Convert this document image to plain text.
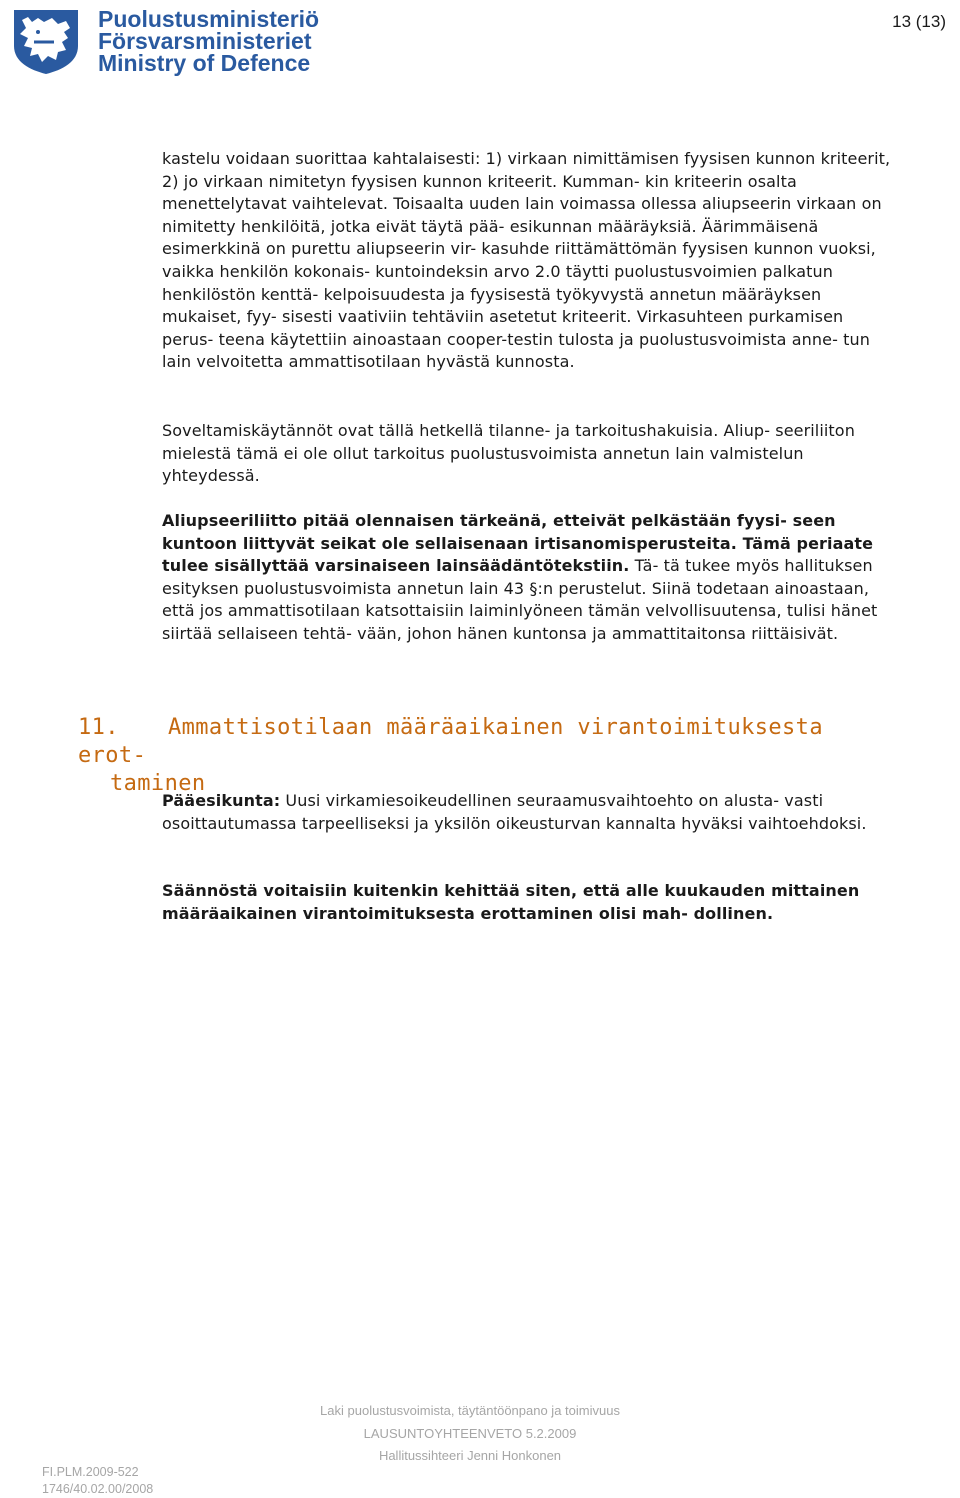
Puolustusministeriö
Försvarsministeriet
Ministry of Defence
13 (13)

kastelu voidaan suorittaa kahtalaisesti: 1) virkaan nimittämisen fyysisen kunnon kriteerit, 2) jo virkaan nimitetyn fyysisen kunnon kriteerit. Kumman- kin kriteerin osalta menettelytavat vaihtelevat. Toisaalta uuden lain voimassa ollessa aliupseerin virkaan on nimitetty henkilöitä, jotka eivät täytä pää- esikunnan määräyksiä. Äärimmäisenä esimerkkinä on purettu aliupseerin vir- kasuhde riittämättömän fyysisen kunnon vuoksi, vaikka henkilön kokonais- kuntoindeksin arvo 2.0 täytti puolustusvoimien palkatun henkilöstön kenttä- kelpoisuudesta ja fyysisestä työkyvystä annetun määräyksen mukaiset, fyy- sisesti vaativiin tehtäviin asetetut kriteerit. Virkasuhteen purkamisen perus- teena käytettiin ainoastaan cooper-testin tulosta ja puolustusvoimista anne- tun lain velvoitetta ammattisotilaan hyvästä kunnosta.

Soveltamiskäytännöt ovat tällä hetkellä tilanne- ja tarkoitushakuisia. Aliup- seeriliiton mielestä tämä ei ole ollut tarkoitus puolustusvoimista annetun lain valmistelun yhteydessä.

Aliupseeriliitto pitää olennaisen tärkeänä, etteivät pelkästään fyysi- seen kuntoon liittyvät seikat ole sellaisenaan irtisanomisperusteita. Tämä periaate tulee sisällyttää varsinaiseen lainsäädäntötekstiin. Tä- tä tukee myös hallituksen esityksen puolustusvoimista annetun lain 43 §:n perustelut. Siinä todetaan ainoastaan, että jos ammattisotilaan katsottaisiin laiminlyöneen tämän velvollisuutensa, tulisi hänet siirtää sellaiseen tehtä- vään, johon hänen kuntonsa ja ammattitaitonsa riittäisivät.

11. Ammattisotilaan määräaikainen virantoimituksesta erot-
taminen

Pääesikunta: Uusi virkamiesoikeudellinen seuraamusvaihtoehto on alusta- vasti osoittautumassa tarpeelliseksi ja yksilön oikeusturvan kannalta hyväksi vaihtoehdoksi.

Säännöstä voitaisiin kuitenkin kehittää siten, että alle kuukauden mittainen määräaikainen virantoimituksesta erottaminen olisi mah- dollinen.

Laki puolustusvoimista, täytäntöönpano ja toimivuus
LAUSUNTOYHTEENVETO 5.2.2009
Hallitussihteeri Jenni Honkonen
FI.PLM.2009-522
1746/40.02.00/2008
